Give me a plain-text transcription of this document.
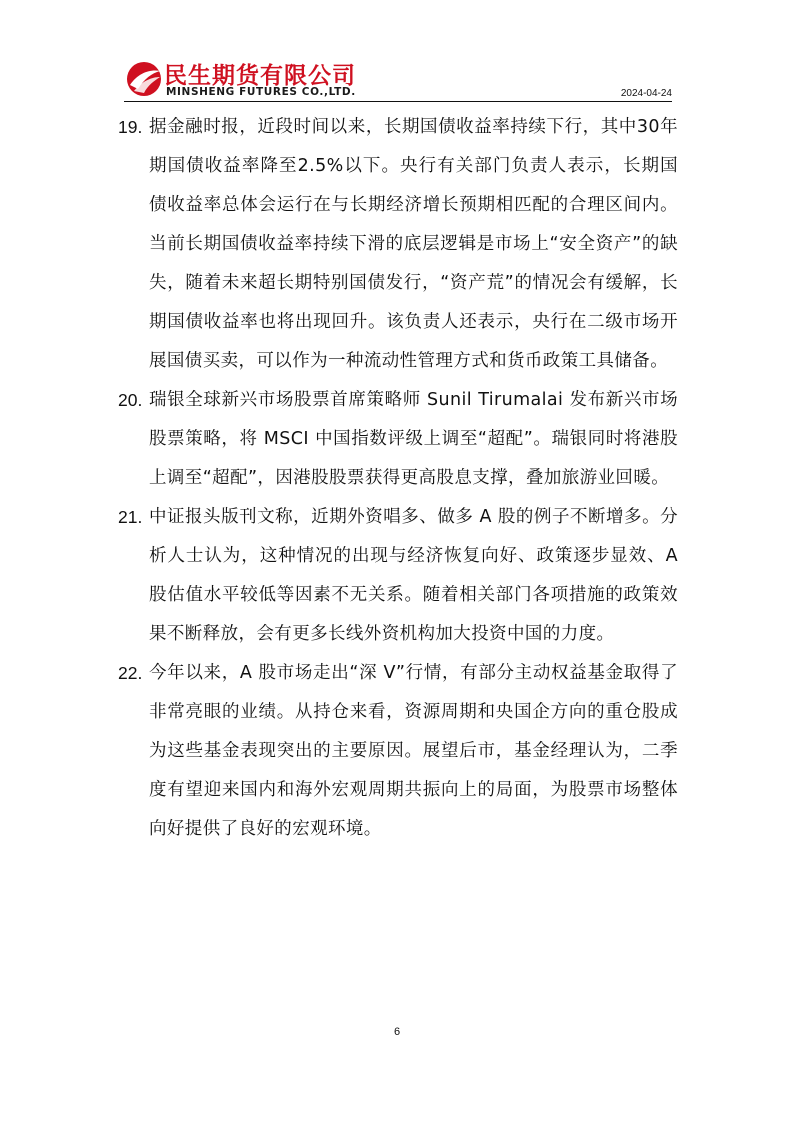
民生期货有限公司
MINSHENG FUTURES CO.,LTD.	2024-04-24
19. 据金融时报，近段时间以来，长期国债收益率持续下行，其中30年期国债收益率降至2.5%以下。央行有关部门负责人表示，长期国债收益率总体会运行在与长期经济增长预期相匹配的合理区间内。当前长期国债收益率持续下滑的底层逻辑是市场上“安全资产”的缺失，随着未来超长期特别国债发行，“资产荒”的情况会有缓解，长期国债收益率也将出现回升。该负责人还表示，央行在二级市场开展国债买卖，可以作为一种流动性管理方式和货币政策工具储备。
20. 瑞银全球新兴市场股票首席策略师 Sunil Tirumalai 发布新兴市场股票策略，将 MSCI 中国指数评级上调至“超配”。瑞银同时将港股上调至“超配”，因港股股票获得更高股息支撑，叠加旅游业回暖。
21. 中证报头版刊文称，近期外资唱多、做多 A 股的例子不断增多。分析人士认为，这种情况的出现与经济恢复向好、政策逐步显效、A 股估值水平较低等因素不无关系。随着相关部门各项措施的政策效果不断释放，会有更多长线外资机构加大投资中国的力度。
22. 今年以来，A 股市场走出“深 V”行情，有部分主动权益基金取得了非常亮眼的业绩。从持仓来看，资源周期和央国企方向的重仓股成为这些基金表现突出的主要原因。展望后市，基金经理认为，二季度有望迎来国内和海外宏观周期共振向上的局面，为股票市场整体向好提供了良好的宏观环境。
6
